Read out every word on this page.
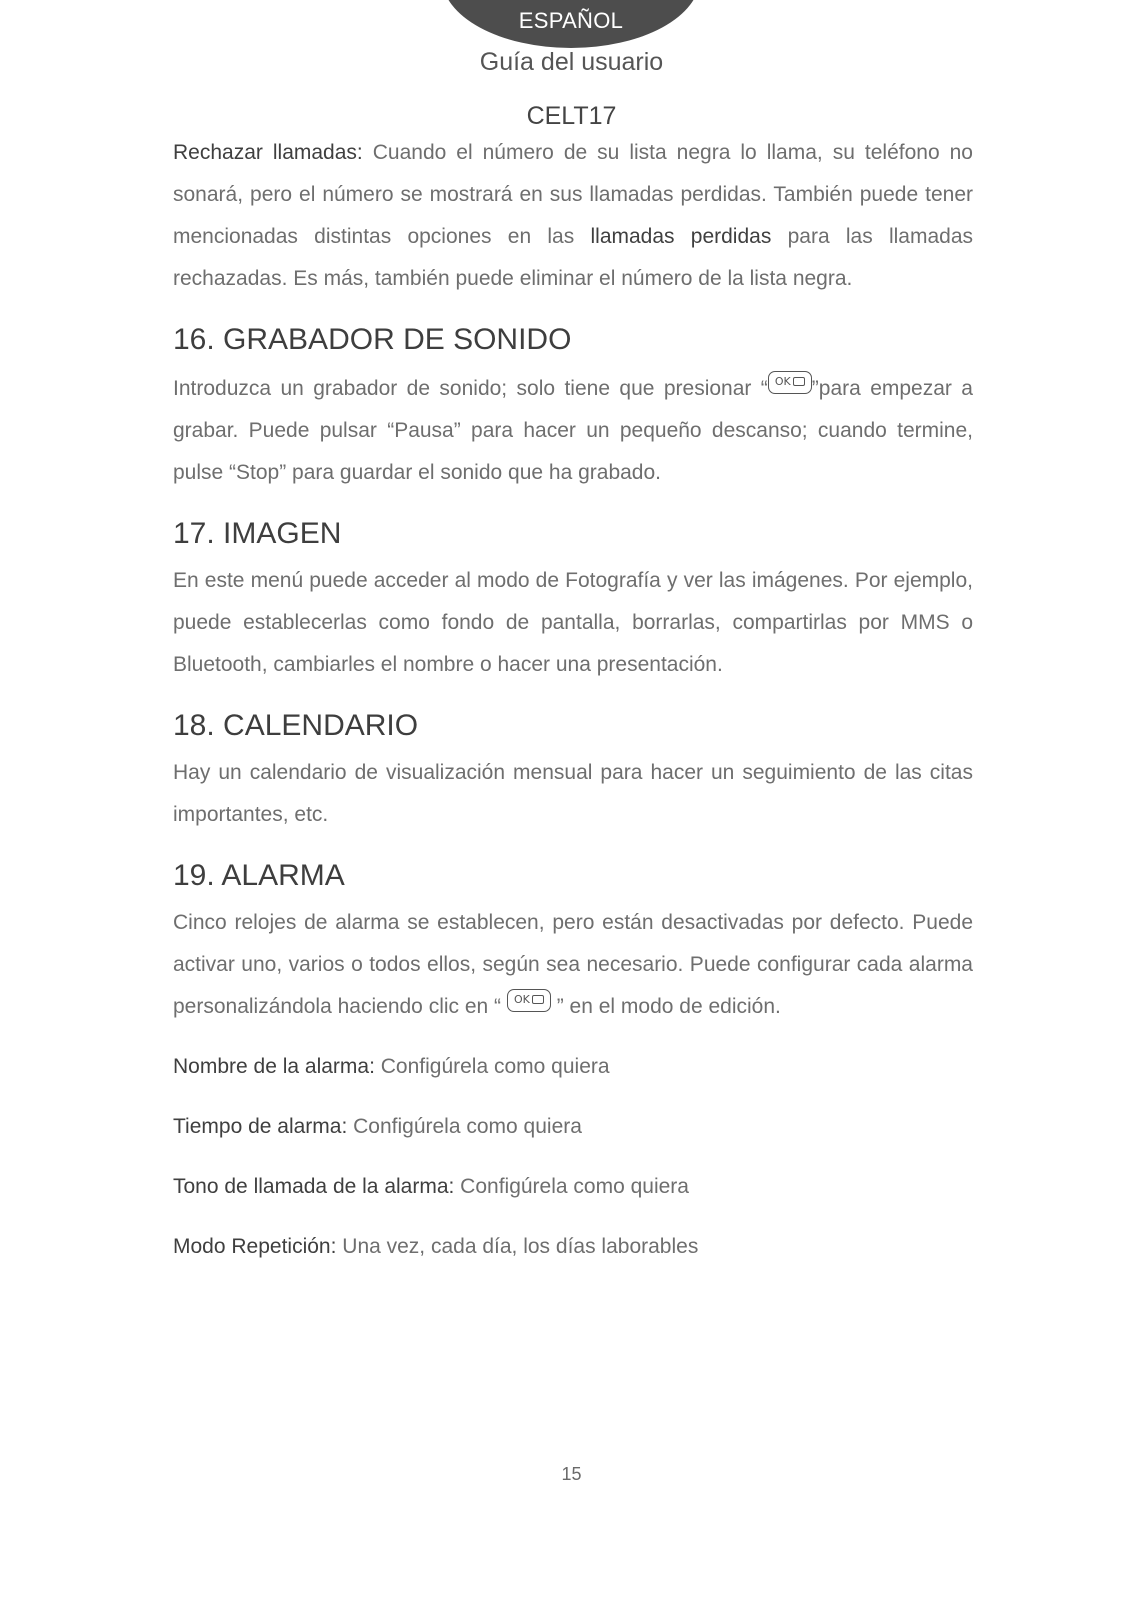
ESPAÑOL
Guía del usuario
CELT17

Rechazar llamadas: Cuando el número de su lista negra lo llama, su teléfono no sonará, pero el número se mostrará en sus llamadas perdidas. También puede tener mencionadas distintas opciones en las llamadas perdidas para las llamadas rechazadas. Es más, también puede eliminar el número de la lista negra.

16. GRABADOR DE SONIDO

Introduzca un grabador de sonido; solo tiene que presionar “ OK ”para empezar a grabar. Puede pulsar “Pausa” para hacer un pequeño descanso; cuando termine, pulse “Stop” para guardar el sonido que ha grabado.

17. IMAGEN

En este menú puede acceder al modo de Fotografía y ver las imágenes. Por ejemplo, puede establecerlas como fondo de pantalla, borrarlas, compartirlas por MMS o Bluetooth, cambiarles el nombre o hacer una presentación.

18. CALENDARIO

Hay un calendario de visualización mensual para hacer un seguimiento de las citas importantes, etc.

19. ALARMA

Cinco relojes de alarma se establecen, pero están desactivadas por defecto. Puede activar uno, varios o todos ellos, según sea necesario. Puede configurar cada alarma personalizándola haciendo clic en “ OK ” en el modo de edición.

Nombre de la alarma: Configúrela como quiera

Tiempo de alarma: Configúrela como quiera

Tono de llamada de la alarma: Configúrela como quiera

Modo Repetición: Una vez, cada día, los días laborables

15
